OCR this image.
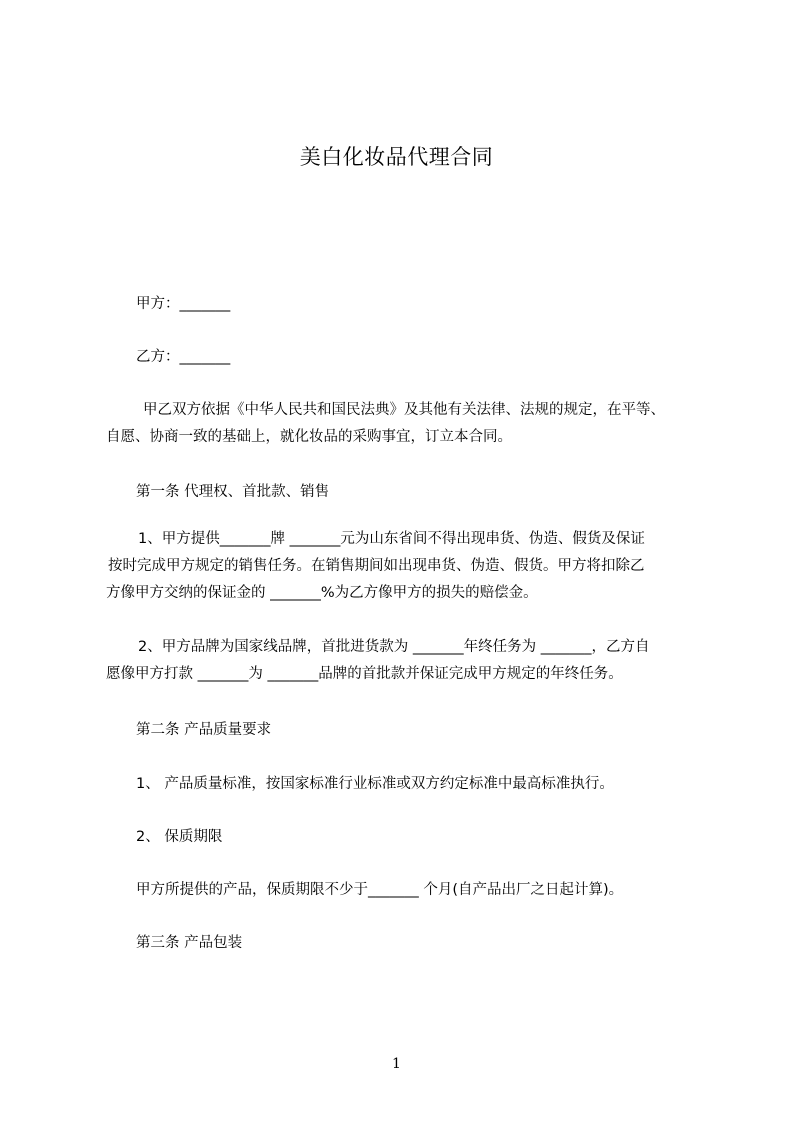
美白化妆品代理合同
甲方：_______
乙方：_______
甲乙双方依据《中华人民共和国民法典》及其他有关法律、法规的规定，在平等、
自愿、协商一致的基础上，就化妆品的采购事宜，订立本合同。
第一条 代理权、首批款、销售
1、甲方提供_______牌 _______元为山东省间不得出现串货、伪造、假货及保证
按时完成甲方规定的销售任务。在销售期间如出现串货、伪造、假货。甲方将扣除乙
方像甲方交纳的保证金的 _______%为乙方像甲方的损失的赔偿金。
2、甲方品牌为国家线品牌，首批进货款为 _______年终任务为 _______，乙方自
愿像甲方打款 _______为 _______品牌的首批款并保证完成甲方规定的年终任务。
第二条 产品质量要求
1、 产品质量标准，按国家标准行业标准或双方约定标准中最高标准执行。
2、 保质期限
甲方所提供的产品，保质期限不少于_______ 个月(自产品出厂之日起计算)。
第三条 产品包装
1
